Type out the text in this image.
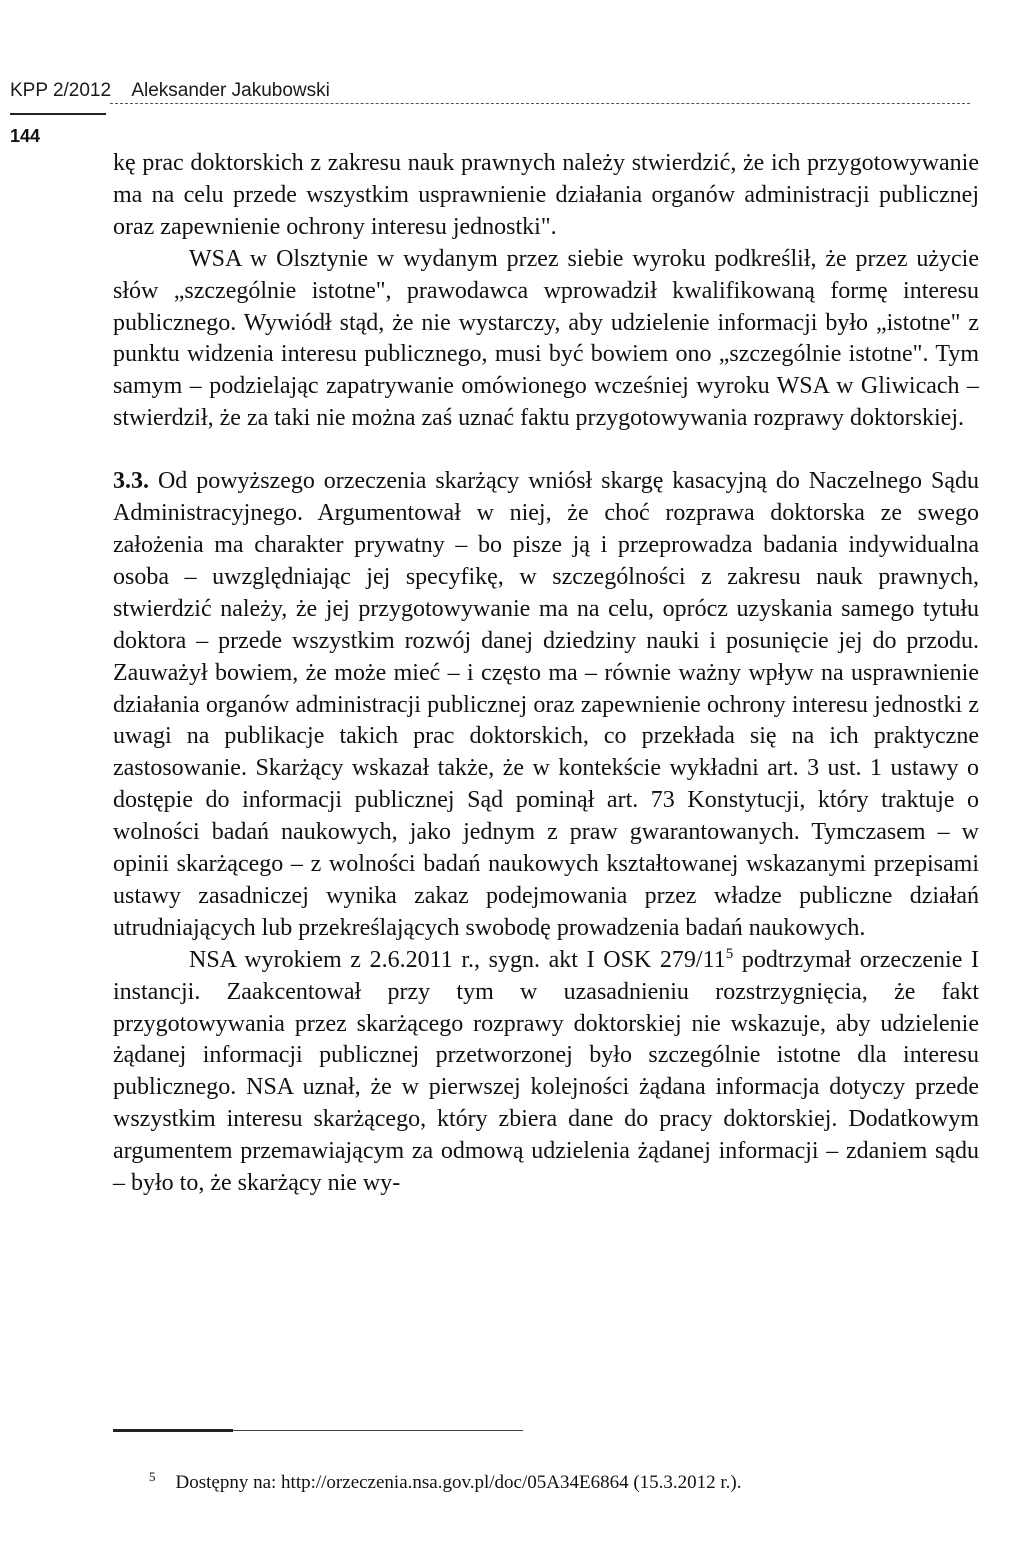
KPP 2/2012 Aleksander Jakubowski
144

kę prac doktorskich z zakresu nauk prawnych należy stwierdzić, że ich przygotowywanie ma na celu przede wszystkim usprawnienie działania organów administracji publicznej oraz zapewnienie ochrony interesu jednostki".

WSA w Olsztynie w wydanym przez siebie wyroku podkreślił, że przez użycie słów „szczególnie istotne", prawodawca wprowadził kwalifikowaną formę interesu publicznego. Wywiódł stąd, że nie wystarczy, aby udzielenie informacji było „istotne" z punktu widzenia interesu publicznego, musi być bowiem ono „szczególnie istotne". Tym samym – podzielając zapatrywanie omówionego wcześniej wyroku WSA w Gliwicach – stwierdził, że za taki nie można zaś uznać faktu przygotowywania rozprawy doktorskiej.

3.3. Od powyższego orzeczenia skarżący wniósł skargę kasacyjną do Naczelnego Sądu Administracyjnego. Argumentował w niej, że choć rozprawa doktorska ze swego założenia ma charakter prywatny – bo pisze ją i przeprowadza badania indywidualna osoba – uwzględniając jej specyfikę, w szczególności z zakresu nauk prawnych, stwierdzić należy, że jej przygotowywanie ma na celu, oprócz uzyskania samego tytułu doktora – przede wszystkim rozwój danej dziedziny nauki i posunięcie jej do przodu. Zauważył bowiem, że może mieć – i często ma – równie ważny wpływ na usprawnienie działania organów administracji publicznej oraz zapewnienie ochrony interesu jednostki z uwagi na publikacje takich prac doktorskich, co przekłada się na ich praktyczne zastosowanie. Skarżący wskazał także, że w kontekście wykładni art. 3 ust. 1 ustawy o dostępie do informacji publicznej Sąd pominął art. 73 Konstytucji, który traktuje o wolności badań naukowych, jako jednym z praw gwarantowanych. Tymczasem – w opinii skarżącego – z wolności badań naukowych kształtowanej wskazanymi przepisami ustawy zasadniczej wynika zakaz podejmowania przez władze publiczne działań utrudniających lub przekreślających swobodę prowadzenia badań naukowych.

NSA wyrokiem z 2.6.2011 r., sygn. akt I OSK $279/11^5$ podtrzymał orzeczenie I instancji. Zaakcentował przy tym w uzasadnieniu rozstrzygnięcia, że fakt przygotowywania przez skarżącego rozprawy doktorskiej nie wskazuje, aby udzielenie żądanej informacji publicznej przetworzonej było szczególnie istotne dla interesu publicznego. NSA uznał, że w pierwszej kolejności żądana informacja dotyczy przede wszystkim interesu skarżącego, który zbiera dane do pracy doktorskiej. Dodatkowym argumentem przemawiającym za odmową udzielenia żądanej informacji – zdaniem sądu – było to, że skarżący nie wy-

$^5$ Dostępny na: http://orzeczenia.nsa.gov.pl/doc/05A34E6864 (15.3.2012 r.).
